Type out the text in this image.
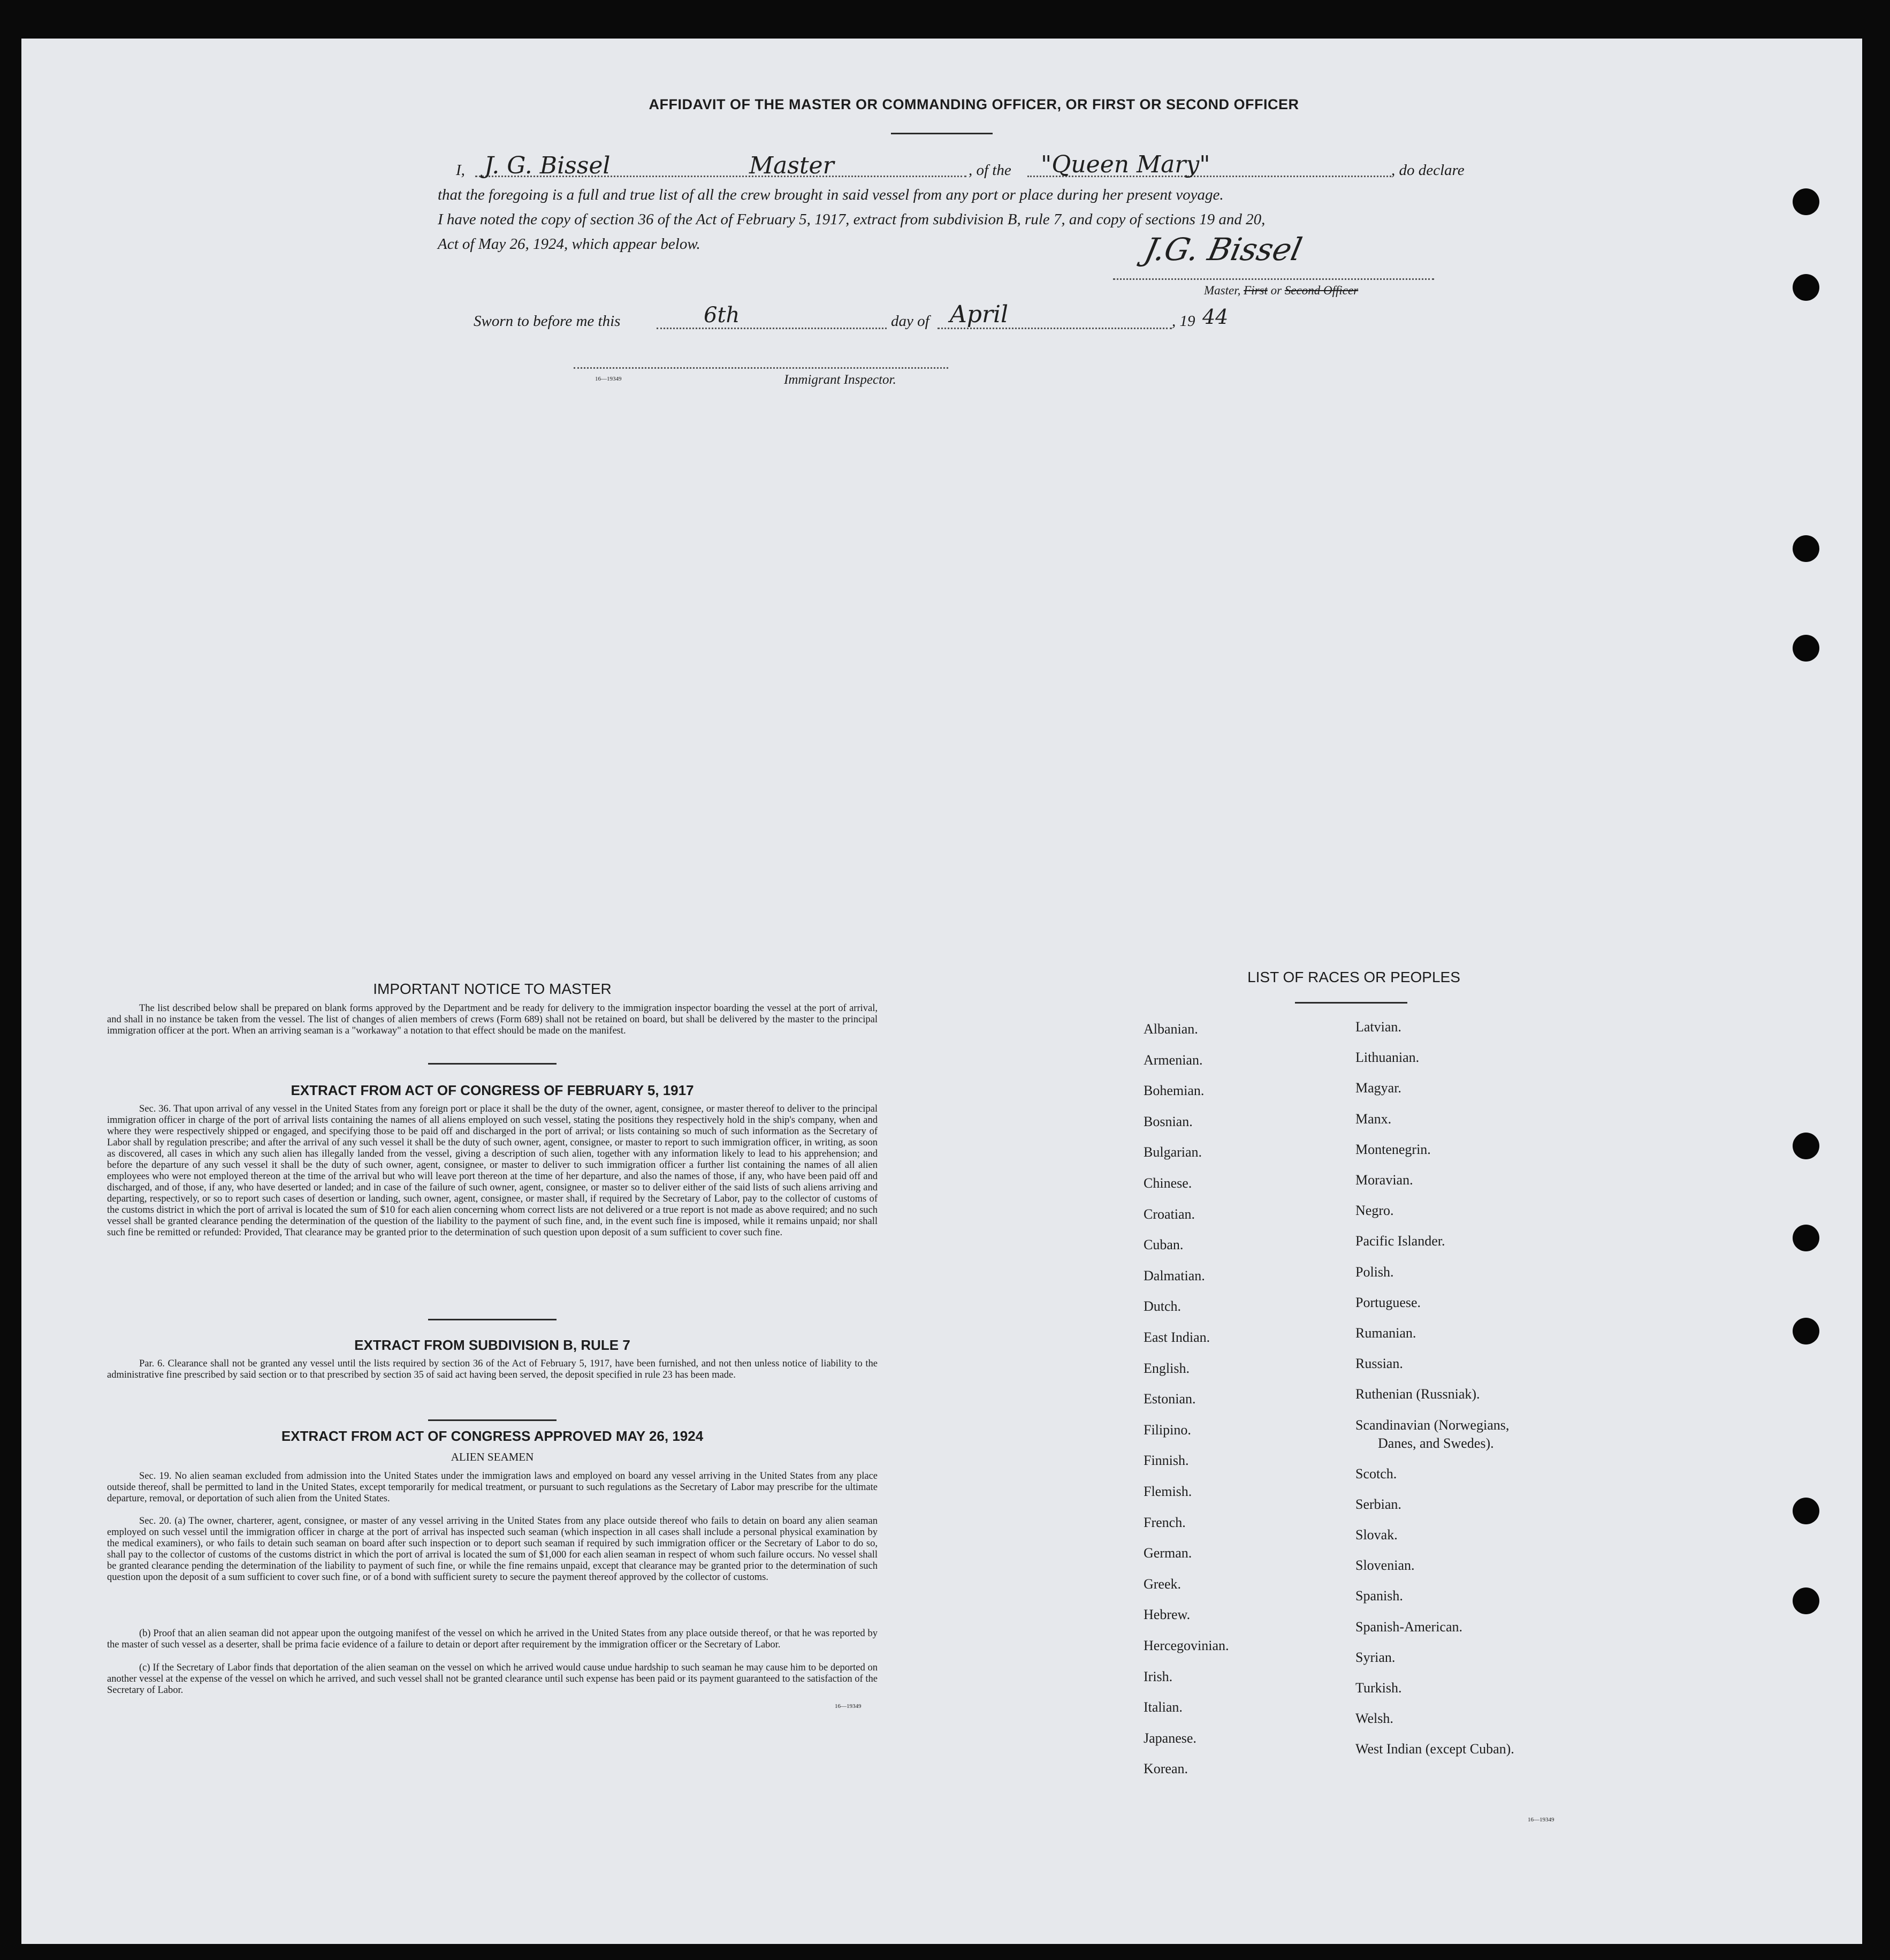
AFFIDAVIT OF THE MASTER OR COMMANDING OFFICER, OR FIRST OR SECOND OFFICER
I, J. G. Bissel	Master	, of the "Queen Mary"	, do declare
that the foregoing is a full and true list of all the crew brought in said vessel from any port or place during her present voyage.
I have noted the copy of section 36 of the Act of February 5, 1917, extract from subdivision B, rule 7, and copy of sections 19 and 20,
Act of May 26, 1924, which appear below.	J.G. Bissel
Master, First or Second Officer
Sworn to before me this	6th	day of April	, 19 44
16—19349	Immigrant Inspector.
IMPORTANT NOTICE TO MASTER
The list described below shall be prepared on blank forms approved by the Department and be ready for delivery to the immigration inspector boarding the vessel at the port of arrival, and shall in no instance be taken from the vessel. The list of changes of alien members of crews (Form 689) shall not be retained on board, but shall be delivered by the master to the principal immigration officer at the port. When an arriving seaman is a "workaway" a notation to that effect should be made on the manifest.
EXTRACT FROM ACT OF CONGRESS OF FEBRUARY 5, 1917
Sec. 36. That upon arrival of any vessel in the United States from any foreign port or place it shall be the duty of the owner, agent, consignee, or master thereof to deliver to the principal immigration officer in charge of the port of arrival lists containing the names of all aliens employed on such vessel, stating the positions they respectively hold in the ship's company, when and where they were respectively shipped or engaged, and specifying those to be paid off and discharged in the port of arrival; or lists containing so much of such information as the Secretary of Labor shall by regulation prescribe; and after the arrival of any such vessel it shall be the duty of such owner, agent, consignee, or master to report to such immigration officer, in writing, as soon as discovered, all cases in which any such alien has illegally landed from the vessel, giving a description of such alien, together with any information likely to lead to his apprehension; and before the departure of any such vessel it shall be the duty of such owner, agent, consignee, or master to deliver to such immigration officer a further list containing the names of all alien employees who were not employed thereon at the time of the arrival but who will leave port thereon at the time of her departure, and also the names of those, if any, who have been paid off and discharged, and of those, if any, who have deserted or landed; and in case of the failure of such owner, agent, consignee, or master so to deliver either of the said lists of such aliens arriving and departing, respectively, or so to report such cases of desertion or landing, such owner, agent, consignee, or master shall, if required by the Secretary of Labor, pay to the collector of customs of the customs district in which the port of arrival is located the sum of $10 for each alien concerning whom correct lists are not delivered or a true report is not made as above required; and no such vessel shall be granted clearance pending the determination of the question of the liability to the payment of such fine, and, in the event such fine is imposed, while it remains unpaid; nor shall such fine be remitted or refunded: Provided, That clearance may be granted prior to the determination of such question upon deposit of a sum sufficient to cover such fine.
EXTRACT FROM SUBDIVISION B, RULE 7
Par. 6. Clearance shall not be granted any vessel until the lists required by section 36 of the Act of February 5, 1917, have been furnished, and not then unless notice of liability to the administrative fine prescribed by said section or to that prescribed by section 35 of said act having been served, the deposit specified in rule 23 has been made.
EXTRACT FROM ACT OF CONGRESS APPROVED MAY 26, 1924
ALIEN SEAMEN
Sec. 19. No alien seaman excluded from admission into the United States under the immigration laws and employed on board any vessel arriving in the United States from any place outside thereof, shall be permitted to land in the United States, except temporarily for medical treatment, or pursuant to such regulations as the Secretary of Labor may prescribe for the ultimate departure, removal, or deportation of such alien from the United States.
Sec. 20. (a) The owner, charterer, agent, consignee, or master of any vessel arriving in the United States from any place outside thereof who fails to detain on board any alien seaman employed on such vessel until the immigration officer in charge at the port of arrival has inspected such seaman (which inspection in all cases shall include a personal physical examination by the medical examiners), or who fails to detain such seaman on board after such inspection or to deport such seaman if required by such immigration officer or the Secretary of Labor to do so, shall pay to the collector of customs of the customs district in which the port of arrival is located the sum of $1,000 for each alien seaman in respect of whom such failure occurs. No vessel shall be granted clearance pending the determination of the liability to payment of such fine, or while the fine remains unpaid, except that clearance may be granted prior to the determination of such question upon the deposit of a sum sufficient to cover such fine, or of a bond with sufficient surety to secure the payment thereof approved by the collector of customs.
(b) Proof that an alien seaman did not appear upon the outgoing manifest of the vessel on which he arrived in the United States from any place outside thereof, or that he was reported by the master of such vessel as a deserter, shall be prima facie evidence of a failure to detain or deport after requirement by the immigration officer or the Secretary of Labor.
(c) If the Secretary of Labor finds that deportation of the alien seaman on the vessel on which he arrived would cause undue hardship to such seaman he may cause him to be deported on another vessel at the expense of the vessel on which he arrived, and such vessel shall not be granted clearance until such expense has been paid or its payment guaranteed to the satisfaction of the Secretary of Labor.
16—19349
LIST OF RACES OR PEOPLES
Albanian.
Armenian.
Bohemian.
Bosnian.
Bulgarian.
Chinese.
Croatian.
Cuban.
Dalmatian.
Dutch.
East Indian.
English.
Estonian.
Filipino.
Finnish.
Flemish.
French.
German.
Greek.
Hebrew.
Hercegovinian.
Irish.
Italian.
Japanese.
Korean.
Latvian.
Lithuanian.
Magyar.
Manx.
Montenegrin.
Moravian.
Negro.
Pacific Islander.
Polish.
Portuguese.
Rumanian.
Russian.
Ruthenian (Russniak).
Scandinavian (Norwegians,
Danes, and Swedes).
Scotch.
Serbian.
Slovak.
Slovenian.
Spanish.
Spanish-American.
Syrian.
Turkish.
Welsh.
West Indian (except Cuban).
16—19349
